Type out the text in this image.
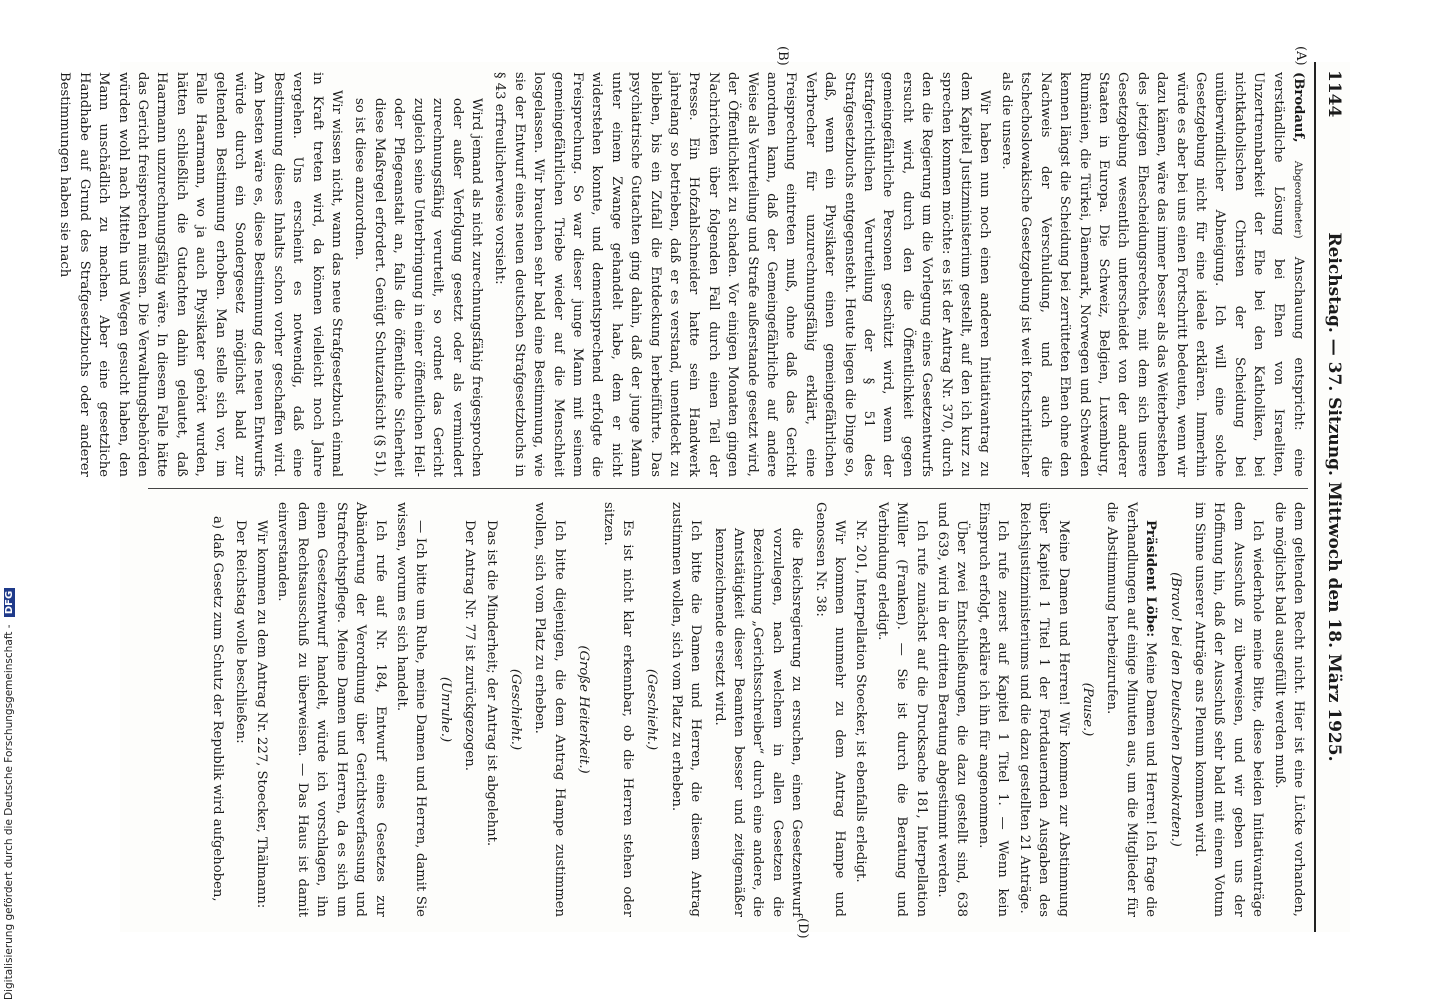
1144
Reichstag. — 37. Sitzung. Mittwoch den 18. März 1925.
(A)
(B)
(D)

(Brodauf, Abgeordneter) Anschauung entspricht: eine verständliche Lösung bei Ehen von Israeliten, Unzertrennbarkeit der Ehe bei den Katholiken, bei nichtkatholischen Christen der Scheidung bei unüberwindlicher Abneigung. Ich will eine solche Gesetzgebung nicht für eine ideale erklären. Immerhin würde es aber bei uns einen Fortschritt bedeuten, wenn wir dazu kämen, wäre das immer besser als das Weiterbestehen des jetzigen Ehescheidungsrechtes, mit dem sich unsere Gesetzgebung wesentlich unterscheidet von der anderer Staaten in Europa. Die Schweiz, Belgien, Luxemburg, Rumänien, die Türkei, Dänemark, Norwegen und Schweden kennen längst die Scheidung bei zerrütteten Ehen ohne den Nachweis der Verschuldung, und auch die tschechoslowakische Gesetzgebung ist weit fortschrittlicher als die unsere.

Wir haben nun noch einen anderen Initiativantrag zu dem Kapitel Justizministerium gestellt, auf den ich kurz zu sprechen kommen möchte: es ist der Antrag Nr. 370, durch den die Regierung um die Vorlegung eines Gesetzentwurfs ersucht wird, durch den die Öffentlichkeit gegen gemeingefährliche Personen geschützt wird, wenn der strafgerichtlichen Verurteilung der § 51 des Strafgesetzbuchs entgegensteht. Heute liegen die Dinge so, daß, wenn ein Physikater einen gemeingefährlichen Verbrecher für unzurechnungsfähig erklärt, eine Freisprechung eintreten muß, ohne daß das Gericht anordnen kann, daß der Gemeingefährliche auf andere Weise als Verurteilung und Strafe außerstande gesetzt wird, der Öffentlichkeit zu schaden. Vor einigen Monaten gingen Nachrichten über folgenden Fall durch einen Teil der Presse. Ein Hofzahlschneider hatte sein Handwerk jahrelang so betrieben, daß er es verstand, unentdeckt zu bleiben, bis ein Zufall die Entdeckung herbeiführte. Das psychiatrische Gutachten ging dahin, daß der junge Mann unter einem Zwange gehandelt habe, dem er nicht widerstehen konnte, und dementsprechend erfolgte die Freisprechung. So war dieser junge Mann mit seinem gemeingefährlichen Triebe wieder auf die Menschheit losgelassen. Wir brauchen sehr bald eine Bestimmung, wie sie der Entwurf eines neuen deutschen Strafgesetzbuchs in § 43 erfreulicherweise vorsieht:

Wird jemand als nicht zurechnungsfähig freigesprochen oder außer Verfolgung gesetzt oder als vermindert zurechnungsfähig verurteilt, so ordnet das Gericht zugleich seine Unterbringung in einer öffentlichen Heil- oder Pflegeanstalt an, falls die öffentliche Sicherheit diese Maßregel erfordert. Genügt Schutzaufsicht (§ 51), so ist diese anzuordnen.

Wir wissen nicht, wann das neue Strafgesetzbuch einmal in Kraft treten wird, da können vielleicht noch Jahre vergehen. Uns erscheint es notwendig, daß eine Bestimmung dieses Inhalts schon vorher geschaffen wird. Am besten wäre es, diese Bestimmung des neuen Entwurfs würde durch ein Sondergesetz möglichst bald zur geltenden Bestimmung erhoben. Man stelle sich vor, im Falle Haarmann, wo ja auch Physikater gehört wurden, hätten schließlich die Gutachten dahin gelautet, daß Haarmann unzurechnungsfähig wäre. In diesem Falle hätte das Gericht freisprechen müssen. Die Verwaltungsbehörden würden wohl nach Mitteln und Wegen gesucht haben, den Mann unschädlich zu machen. Aber eine gesetzliche Handhabe auf Grund des Strafgesetzbuchs oder anderer Bestimmungen haben sie nach

dem geltenden Recht nicht. Hier ist eine Lücke vorhanden, die möglichst bald ausgefüllt werden muß.

Ich wiederhole meine Bitte, diese beiden Initiativanträge dem Ausschuß zu überweisen, und wir geben uns der Hoffnung hin, daß der Ausschuß sehr bald mit einem Votum im Sinne unserer Anträge ans Plenum kommen wird.

(Bravo! bei den Deutschen Demokraten.)

Präsident Löbe: Meine Damen und Herren! Ich frage die Verhandlungen auf einige Minuten aus, um die Mitglieder für die Abstimmung herbeizurufen.

(Pause.)

Meine Damen und Herren! Wir kommen zur Abstimmung über Kapitel 1 Titel 1 der Fortdauernden Ausgaben des Reichsjustizministeriums und die dazu gestellten 21 Anträge.

Ich rufe zuerst auf Kapitel 1 Titel 1. — Wenn kein Einspruch erfolgt, erkläre ich ihn für angenommen.

Über zwei Entschließungen, die dazu gestellt sind, 638 und 639, wird in der dritten Beratung abgestimmt werden.

Ich rufe zunächst auf die Drucksache 181, Interpellation Müller (Franken). — Sie ist durch die Beratung und Verbindung erledigt.

Nr. 201, Interpellation Stoecker, ist ebenfalls erledigt.

Wir kommen nunmehr zu dem Antrag Hampe und Genossen Nr. 38:

die Reichsregierung zu ersuchen, einen Gesetzentwurf vorzulegen, nach welchem in allen Gesetzen die Bezeichnung „Gerichtsschreiber“ durch eine andere, die Amtstätigkeit dieser Beamten besser und zeitgemäßer kennzeichnende ersetzt wird.

Ich bitte die Damen und Herren, die diesem Antrag zustimmen wollen, sich vom Platz zu erheben.

(Geschieht.)

Es ist nicht klar erkennbar, ob die Herren stehen oder sitzen.

(Große Heiterkeit.)

Ich bitte diejenigen, die dem Antrag Hampe zustimmen wollen, sich vom Platz zu erheben.

(Geschieht.)

Das ist die Minderheit; der Antrag ist abgelehnt.

Der Antrag Nr. 77 ist zurückgezogen.

(Unruhe.)

— Ich bitte um Ruhe, meine Damen und Herren, damit Sie wissen, worum es sich handelt.

Ich rufe auf Nr. 184, Entwurf eines Gesetzes zur Abänderung der Verordnung über Gerichtsverfassung und Strafrechtspflege. Meine Damen und Herren, da es sich um einen Gesetzentwurf handelt, würde ich vorschlagen, ihn dem Rechtsausschuß zu überweisen. — Das Haus ist damit einverstanden.

Wir kommen zu dem Antrag Nr. 227, Stoecker, Thälmann:

Der Reichstag wolle beschließen:

a) daß Gesetz zum Schutz der Republik wird aufgehoben,

Digitalisierung gefördert durch die Deutsche Forschungsgemeinschaft - DFG
